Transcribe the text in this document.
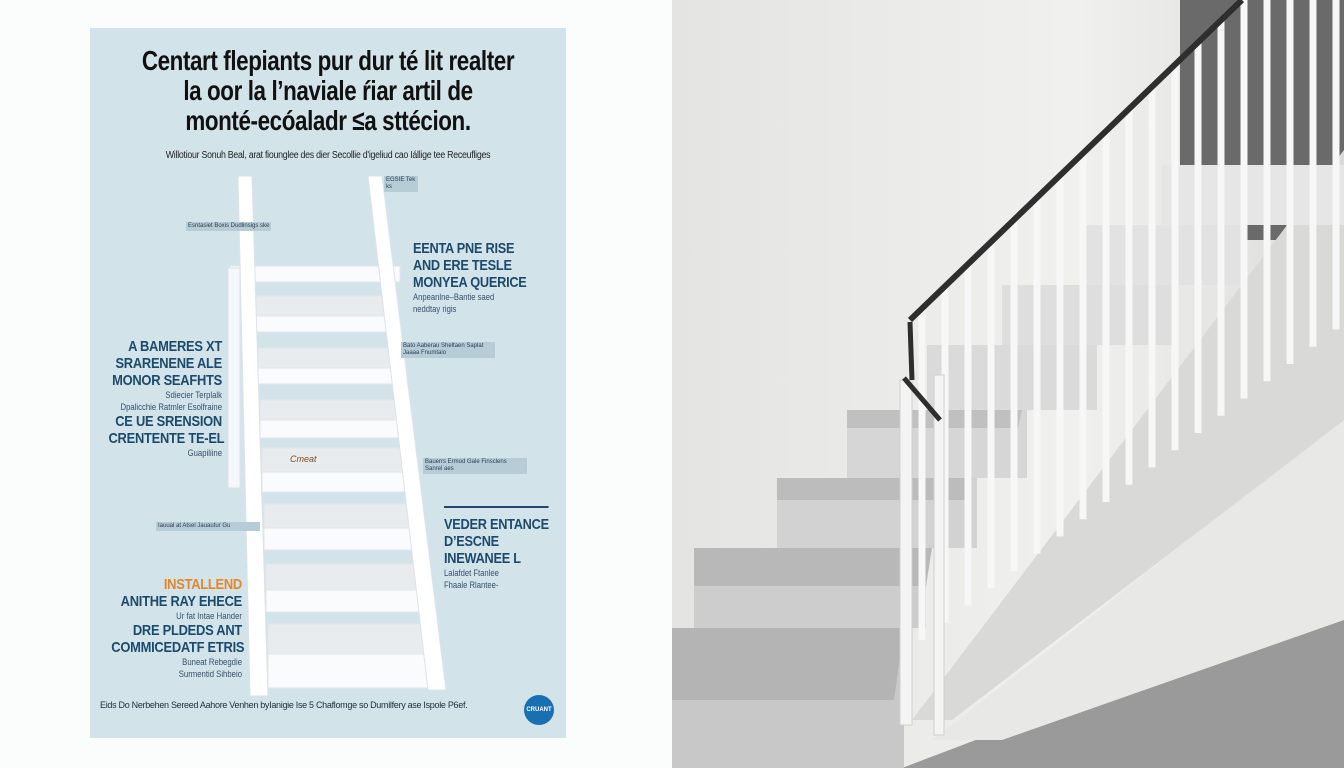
Centart flepiants pur dur té lit realter
la oor la l’naviale ŕiar artil de
monté-ecóaladr ≤a sttécion.

Willotiour Sonuh Beal, arat fiounglee des dier Secollie d'igeliud cao Iállige tee Receufliges

Esntasiet Boxis Dudlinsigs ske
EGSIE Tek ks
Bato Aaberau Sheltaen Saplat Jaaaa Fnumtaio
Bauerrs Ermod Gale Finsclens Sanrel aes
Iauual at Atsel Jauautur Gu
EENTA PNE RISE
AND ERE TESLE
MONYEA QUERICE
Anpeanlne–Bantie saed
neddtay rigis
A BAMERES XT
SRARENENE ALE
MONOR SEAFHTS
Sdiecier Terplalk
Dpalicchie Ratmler Esolfraine
CE UE SRENSION
CRENTENTE TE-EL
Guapiliine
Cmeat
VEDER ENTANCE
D’ESCNE
INEWANEE L
Lalafdet Ftanlee
Fhaale Rlantee-
INSTALLEND
ANITHE RAY EHECE
Ur fat Intae Hander
DRE PLDEDS ANT
COMMICEDATF ETRIS
Buneat Rebegdie
Surmentid Sihbeio

Eids Do Nerbehen Sereed Aahore Venhen byIanigie Ise 5 Chaflomge so Dumilfery ase Ispole P6ef.	CRUANT
